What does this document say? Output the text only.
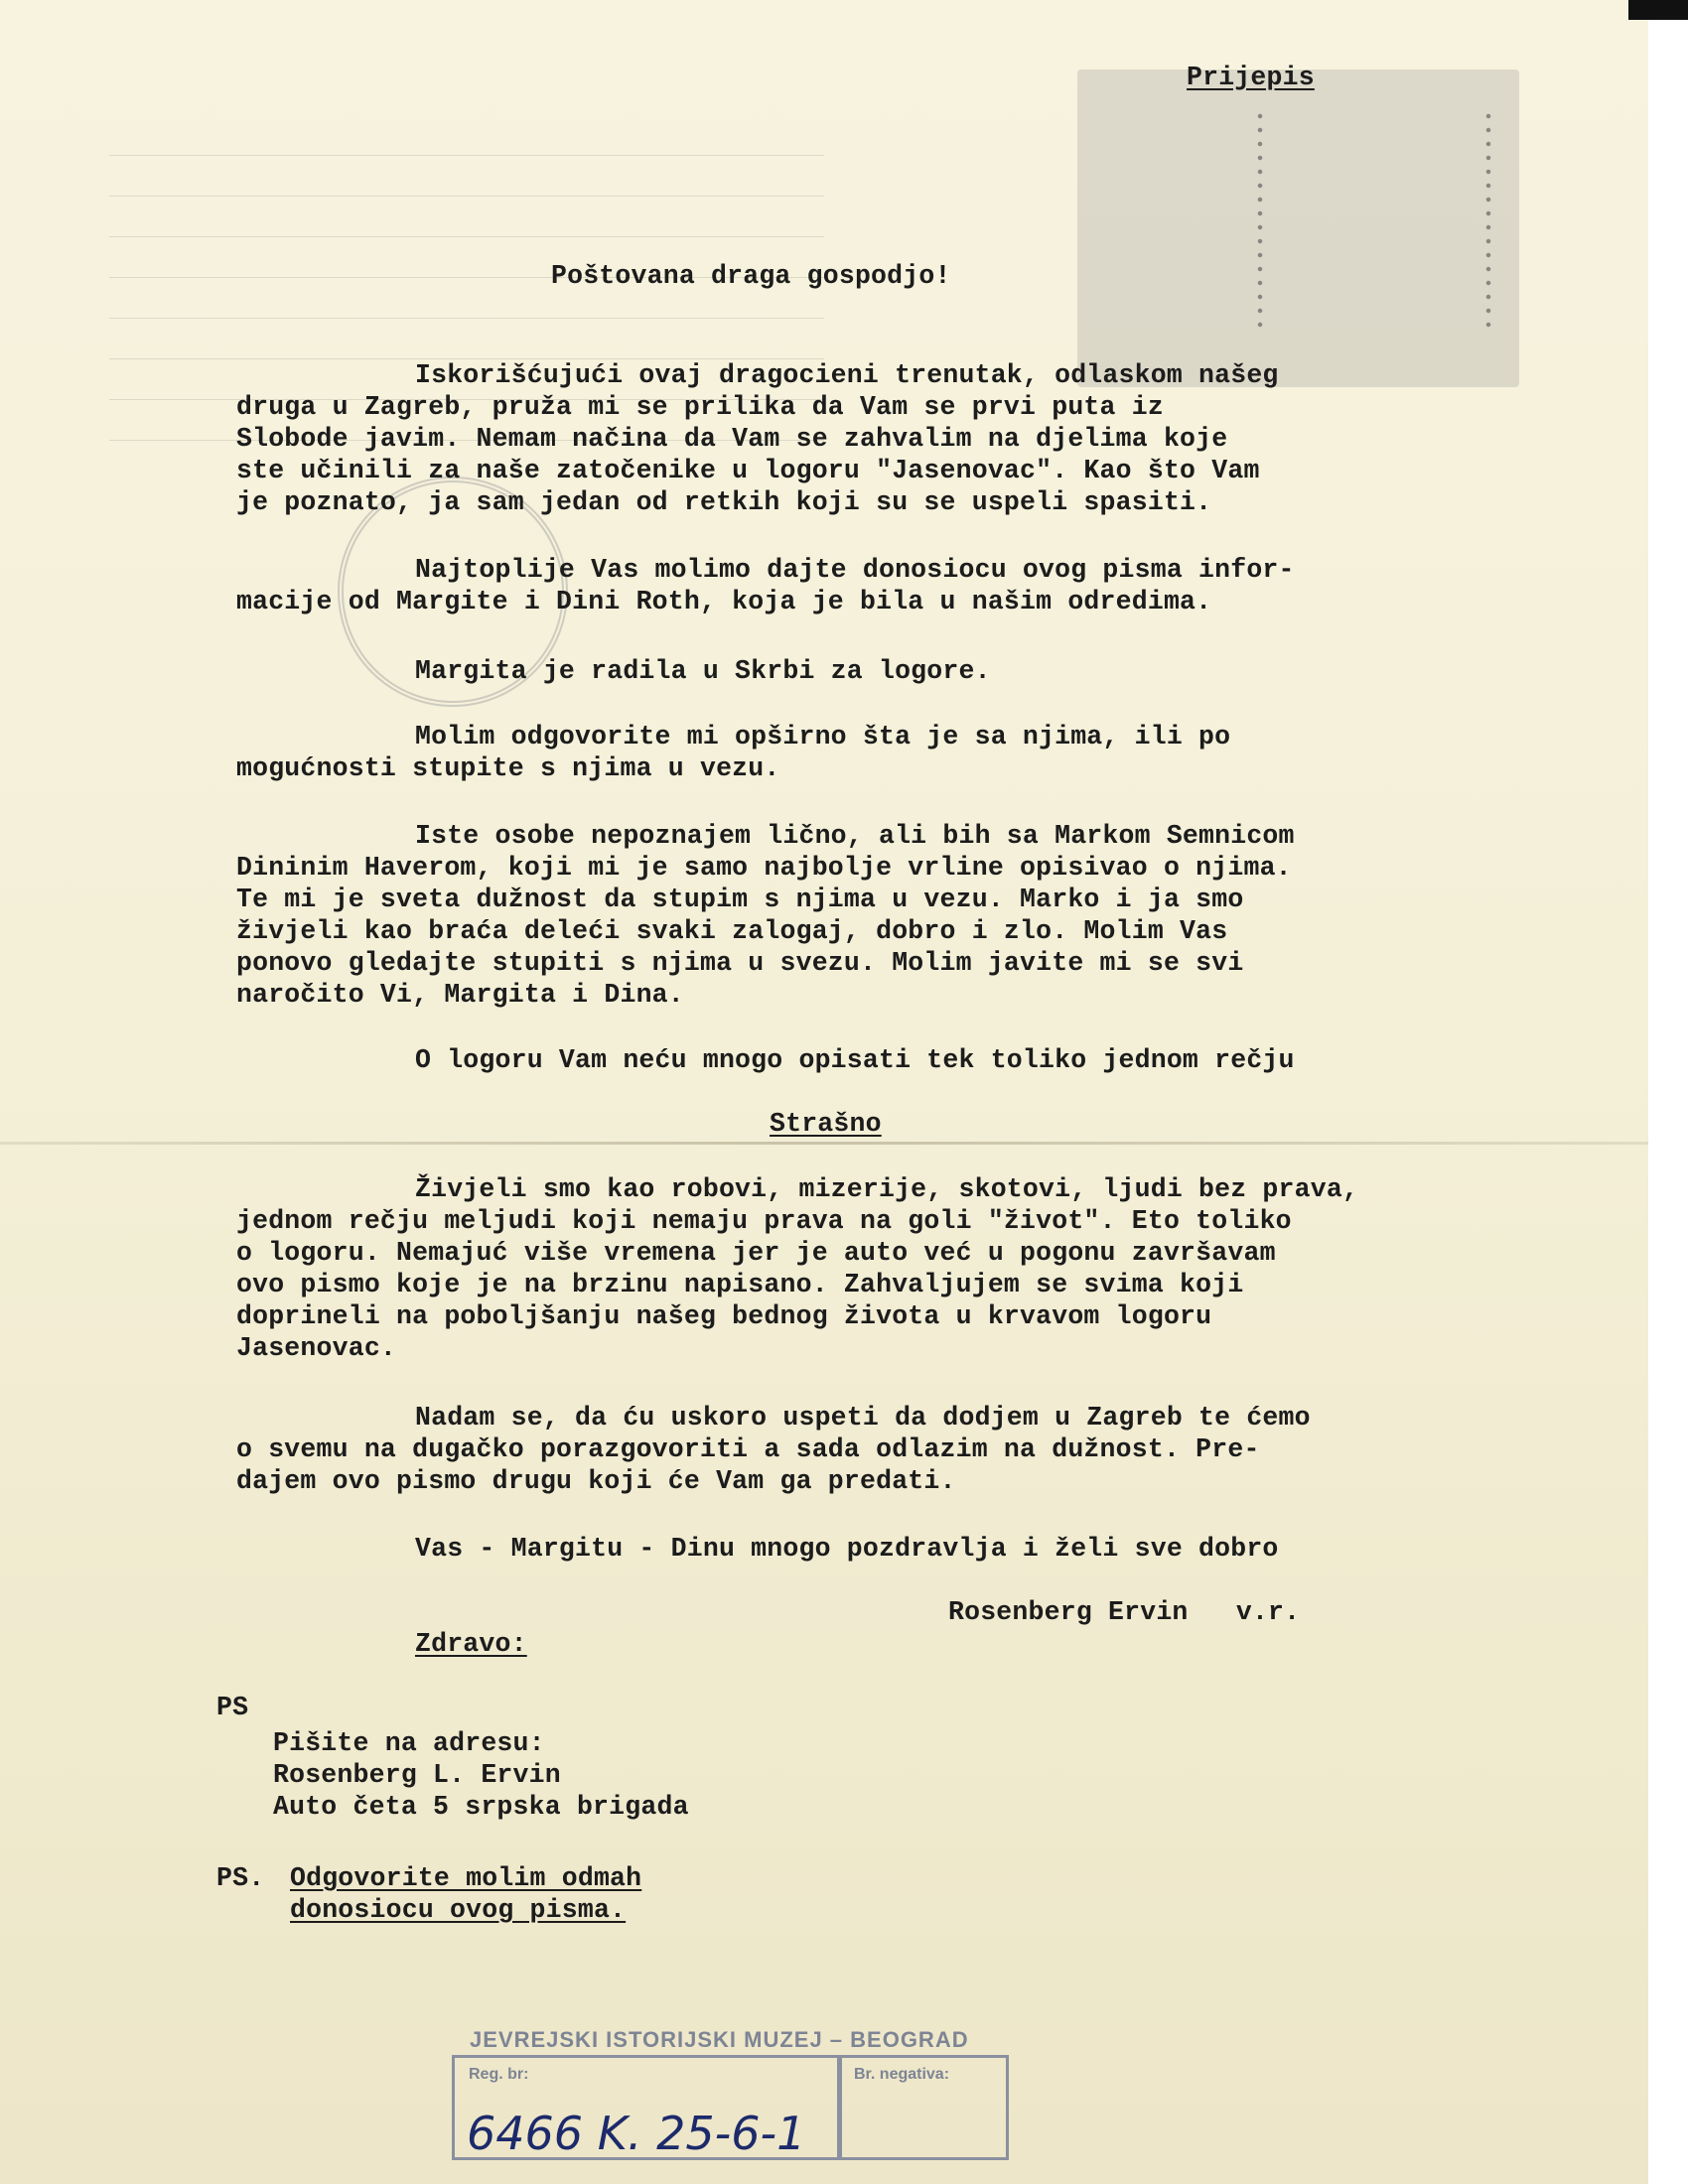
Prijepis
Poštovana draga gospodjo!
Iskorišćujući ovaj dragocieni trenutak, odlaskom našeg
druga u Zagreb, pruža mi se prilika da Vam se prvi puta iz
Slobode javim. Nemam načina da Vam se zahvalim na djelima koje
ste učinili za naše zatočenike u logoru "Jasenovac". Kao što Vam
je poznato, ja sam jedan od retkih koji su se uspeli spasiti.
Najtoplije Vas molimo dajte donosiocu ovog pisma infor-
macije od Margite i Dini Roth, koja je bila u našim odredima.
Margita je radila u Skrbi za logore.
Molim odgovorite mi opširno šta je sa njima, ili po
mogućnosti stupite s njima u vezu.
Iste osobe nepoznajem lično, ali bih sa Markom Semnicom
Dininim Haverom, koji mi je samo najbolje vrline opisivao o njima.
Te mi je sveta dužnost da stupim s njima u vezu. Marko i ja smo
živjeli kao braća deleći svaki zalogaj, dobro i zlo. Molim Vas
ponovo gledajte stupiti s njima u svezu. Molim javite mi se svi
naročito Vi, Margita i Dina.
O logoru Vam neću mnogo opisati tek toliko jednom rečju
Strašno
Živjeli smo kao robovi, mizerije, skotovi, ljudi bez prava,
jednom rečju meljudi koji nemaju prava na goli "život". Eto toliko
o logoru. Nemajuć više vremena jer je auto već u pogonu završavam
ovo pismo koje je na brzinu napisano. Zahvaljujem se svima koji
doprineli na poboljšanju našeg bednog života u krvavom logoru
Jasenovac.
Nadam se, da ću uskoro uspeti da dodjem u Zagreb te ćemo
o svemu na dugačko porazgovoriti a sada odlazim na dužnost. Pre-
dajem ovo pismo drugu koji će Vam ga predati.
Vas - Margitu - Dinu mnogo pozdravlja i želi sve dobro
Rosenberg Ervin   v.r.
Zdravo:
PS
Pišite na adresu:
Rosenberg L. Ervin
Auto četa 5 srpska brigada
PS. Odgovorite molim odmah
donosiocu ovog pisma.
JEVREJSKI ISTORIJSKI MUZEJ – BEOGRAD
Reg. br:	Br. negativa:
6466 K. 25-6-1
